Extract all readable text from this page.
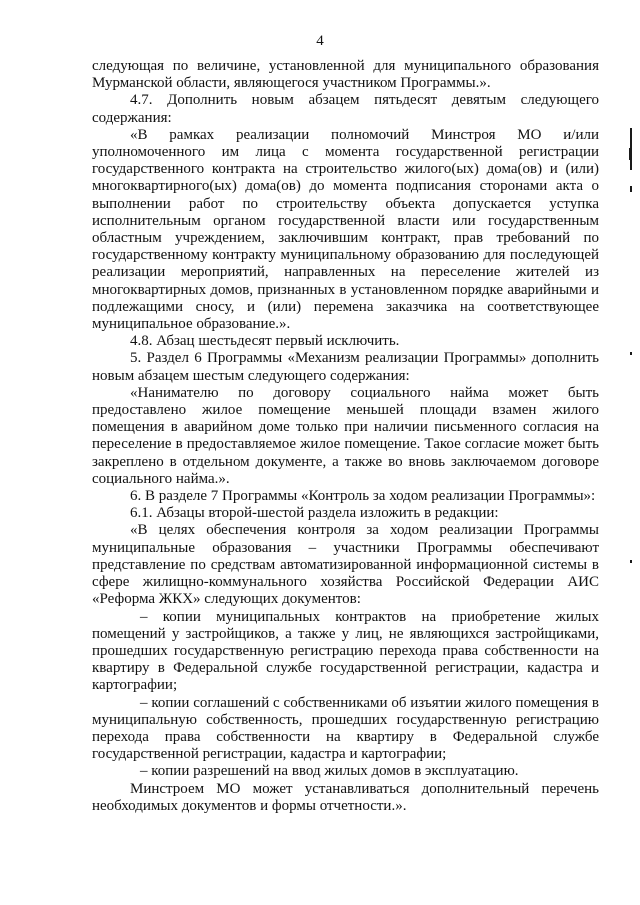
4

следующая по величине, установленной для муниципального образования Мурманской области, являющегося участником Программы.».

4.7. Дополнить новым абзацем пятьдесят девятым следующего содержания:

«В рамках реализации полномочий Минстроя МО и/или уполномоченного им лица с момента государственной регистрации государственного контракта на строительство жилого(ых) дома(ов) и (или) многоквартирного(ых) дома(ов) до момента подписания сторонами акта о выполнении работ по строительству объекта допускается уступка исполнительным органом государственной власти или государственным областным учреждением, заключившим контракт, прав требований по государственному контракту муниципальному образованию для последующей реализации мероприятий, направленных на переселение жителей из многоквартирных домов, признанных в установленном порядке аварийными и подлежащими сносу, и (или) перемена заказчика на соответствующее муниципальное образование.».

4.8. Абзац шестьдесят первый исключить.

5. Раздел 6 Программы «Механизм реализации Программы» дополнить новым абзацем шестым следующего содержания:

«Нанимателю по договору социального найма может быть предоставлено жилое помещение меньшей площади взамен жилого помещения в аварийном доме только при наличии письменного согласия на переселение в предоставляемое жилое помещение. Такое согласие может быть закреплено в отдельном документе, а также во вновь заключаемом договоре социального найма.».

6. В разделе 7 Программы «Контроль за ходом реализации Программы»:

6.1. Абзацы второй-шестой раздела изложить в редакции:

«В целях обеспечения контроля за ходом реализации Программы муниципальные образования – участники Программы обеспечивают представление по средствам автоматизированной информационной системы в сфере жилищно-коммунального хозяйства Российской Федерации АИС «Реформа ЖКХ» следующих документов:

– копии муниципальных контрактов на приобретение жилых помещений у застройщиков, а также у лиц, не являющихся застройщиками, прошедших государственную регистрацию перехода права собственности на квартиру в Федеральной службе государственной регистрации, кадастра и картографии;

– копии соглашений с собственниками об изъятии жилого помещения в муниципальную собственность, прошедших государственную регистрацию перехода права собственности на квартиру в Федеральной службе государственной регистрации, кадастра и картографии;

– копии разрешений на ввод жилых домов в эксплуатацию.

Минстроем МО может устанавливаться дополнительный перечень необходимых документов и формы отчетности.».
